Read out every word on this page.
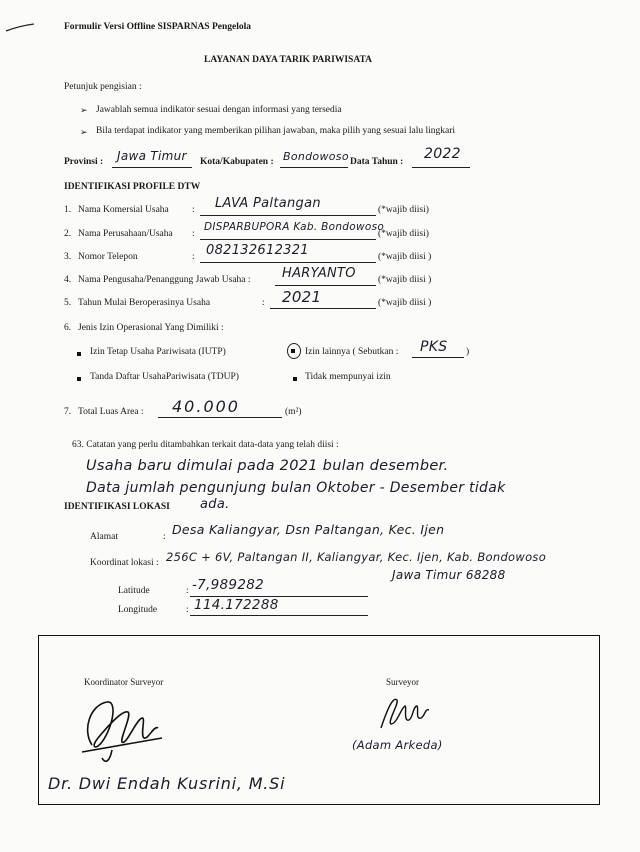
Formulir Versi Offline SISPARNAS Pengelola
LAYANAN DAYA TARIK PARIWISATA
Petunjuk pengisian :
➢ Jawablah semua indikator sesuai dengan informasi yang tersedia
➢ Bila terdapat indikator yang memberikan pilihan jawaban, maka pilih yang sesuai lalu lingkari
Provinsi : Jawa Timur Kota/Kabupaten : Bondowoso Data Tahun : 2022
IDENTIFIKASI PROFILE DTW
1. Nama Komersial Usaha : LAVA Paltangan	(*wajib diisi)
2. Nama Perusahaan/Usaha :
DISPARBUPORA Kab. Bondowoso
(*wajib diisi)
3. Nomor Telepon	: 082132612321	(*wajib diisi )
4. Nama Pengusaha/Penanggung Jawab Usaha : HARYANTO (*wajib diisi )
5. Tahun Mulai Beroperasinya Usaha	: 2021	(*wajib diisi )
6. Jenis Izin Operasional Yang Dimiliki :
Izin Tetap Usaha Pariwisata (IUTP)
Tanda Daftar UsahaPariwisata (TDUP)
Izin lainnya ( Sebutkan : PKS )
Tidak mempunyai izin
7. Total Luas Area : 40.000	(m²)
63. Catatan yang perlu ditambahkan terkait data-data yang telah diisi :
Usaha baru dimulai pada 2021 bulan desember.
Data jumlah pengunjung bulan Oktober - Desember tidak
ada.
IDENTIFIKASI LOKASI
Alamat	: Desa Kaliangyar, Dsn Paltangan, Kec. Ijen
Koordinat lokasi : 256C + 6V, Paltangan II, Kaliangyar, Kec. Ijen, Kab. Bondowoso
Jawa Timur 68288
Latitude	: -7,989282
Longitude	: 114.172288
Koordinator Surveyor	Surveyor
(Adam Arkeda)
Dr. Dwi Endah Kusrini, M.Si
